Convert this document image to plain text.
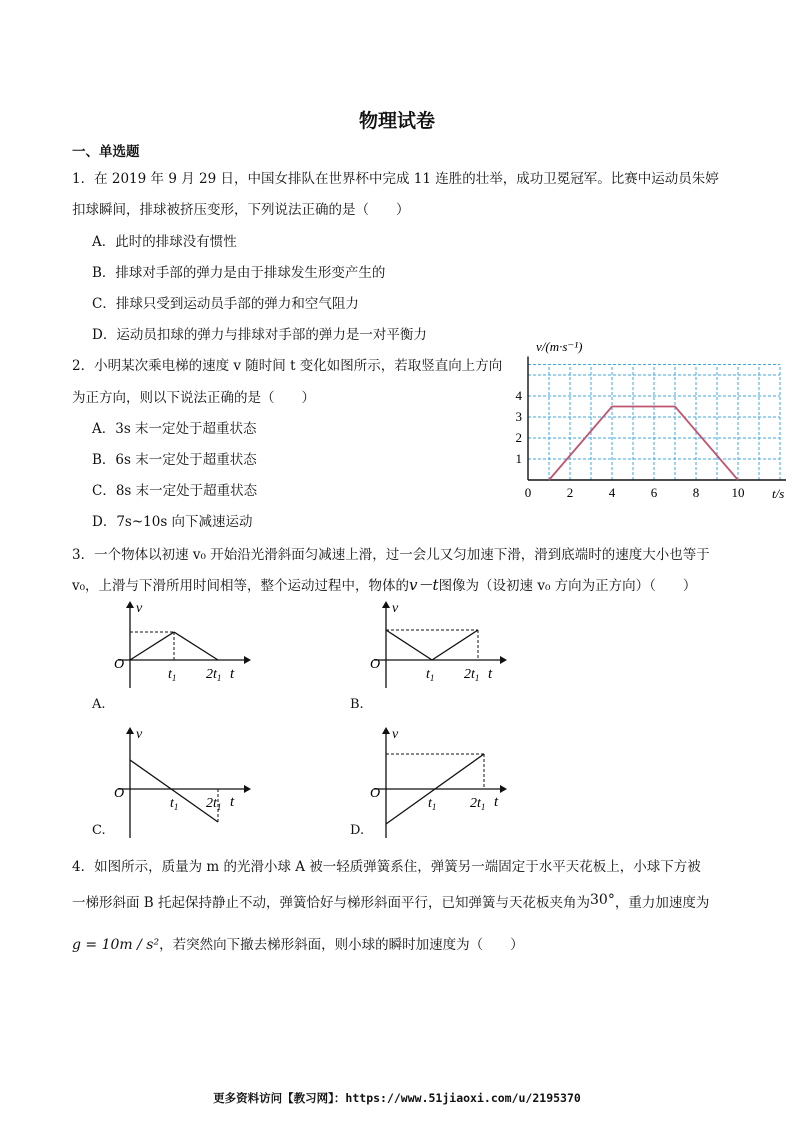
物理试卷
一、单选题
1．在 2019 年 9 月 29 日，中国女排队在世界杯中完成 11 连胜的壮举，成功卫冕冠军。比赛中运动员朱婷
扣球瞬间，排球被挤压变形，下列说法正确的是（　　）
A．此时的排球没有惯性
B．排球对手部的弹力是由于排球发生形变产生的
C．排球只受到运动员手部的弹力和空气阻力
D．运动员扣球的弹力与排球对手部的弹力是一对平衡力
2．小明某次乘电梯的速度 v 随时间 t 变化如图所示，若取竖直向上方向
为正方向，则以下说法正确的是（　　）
A．3s 末一定处于超重状态
B．6s 末一定处于超重状态
C．8s 末一定处于超重状态
D．7s~10s 向下减速运动
0	2	4	6	8 10
1
2
3
4
v/(m·s⁻¹)
t/s
3．一个物体以初速 v₀ 开始沿光滑斜面匀减速上滑，过一会儿又匀加速下滑，滑到底端时的速度大小也等于
v₀，上滑与下滑所用时间相等，整个运动过程中，物体的v－t图像为（设初速 v₀ 方向为正方向）（　　）
v
O
$t_1$ $2t_1$ t
A.
v
O
$t_1$ $2t_1$ t
B.
v
O
$t_1$ $2t_1$ t
C.
v
O
$t_1$ $2t_1$ t
D.
4．如图所示，质量为 m 的光滑小球 A 被一轻质弹簧系住，弹簧另一端固定于水平天花板上，小球下方被
一梯形斜面 B 托起保持静止不动，弹簧恰好与梯形斜面平行，已知弹簧与天花板夹角为30°，重力加速度为
g = 10m / s²，若突然向下撤去梯形斜面，则小球的瞬时加速度为（　　）
更多资料访问【教习网】：https://www.51jiaoxi.com/u/2195370
